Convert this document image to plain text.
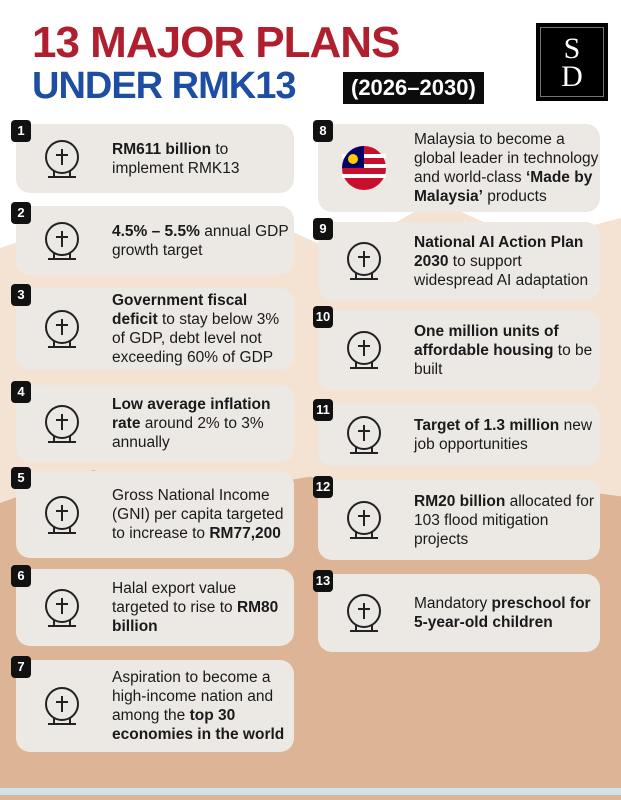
13 MAJOR PLANS
UNDER RMK13	(2026–2030)
S
D
1
RM611 billion to implement RMK13
2
4.5% – 5.5% annual GDP growth target
3	Government fiscal deficit to stay below 3% of GDP, debt level not exceeding 60% of GDP
4
Low average inflation rate around 2% to 3% annually
5
Gross National Income (GNI) per capita targeted to increase to RM77,200
6
Halal export value targeted to rise to RM80 billion
7
Aspiration to become a high-income nation and among the top 30 economies in the world
8
Malaysia to become a global leader in technology and world-class ‘Made by Malaysia’ products
9
National AI Action Plan 2030 to support widespread AI adaptation
10
One million units of affordable housing to be built
11
Target of 1.3 million new job opportunities
12
RM20 billion allocated for 103 flood mitigation projects
13
Mandatory preschool for 5-year-old children
